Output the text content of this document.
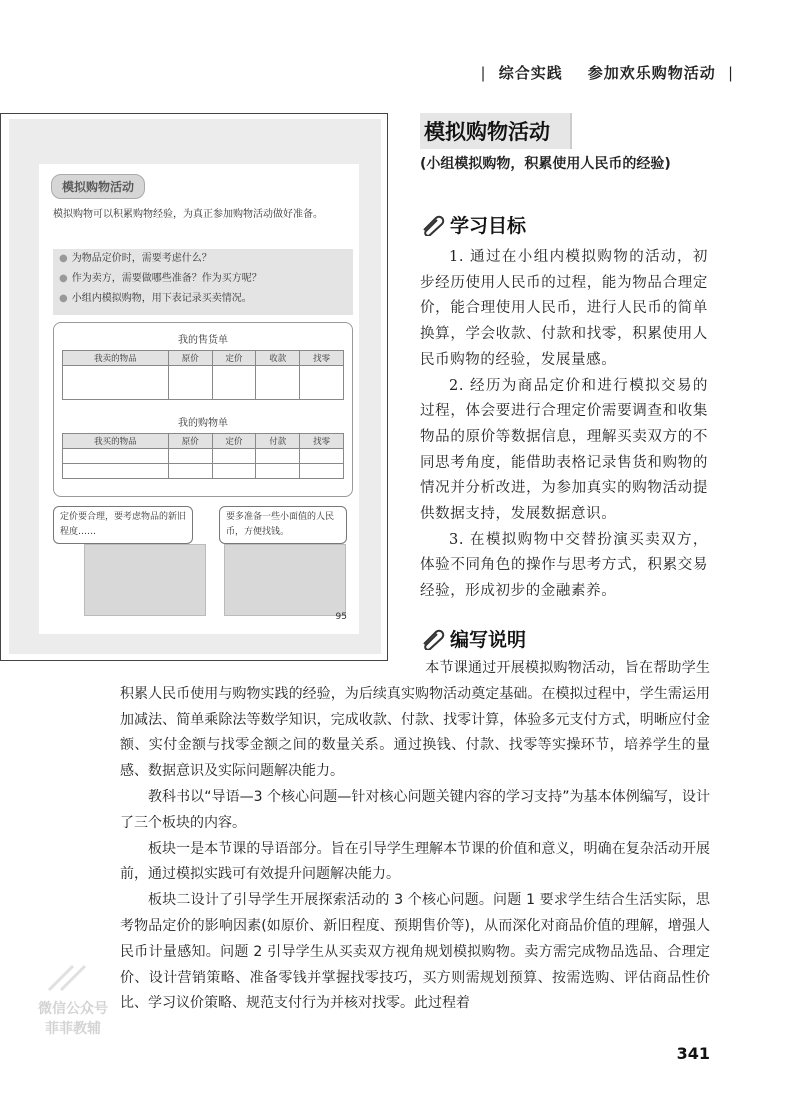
| 综合实践 参加欢乐购物活动 |
模拟购物活动
模拟购物可以积累购物经验，为真正参加购物活动做好准备。
● 为物品定价时，需要考虑什么？
● 作为卖方，需要做哪些准备？作为买方呢？
● 小组内模拟购物，用下表记录买卖情况。
我的售货单
我卖的物品	原价	定价	收款	找零

我的购物单
我买的物品	原价	定价	付款	找零

定价要合理，要考虑物品的新旧程度……
要多准备一些小面值的人民币，方便找钱。
95
模拟购物活动
(小组模拟购物，积累使用人民币的经验)
学习目标

1. 通过在小组内模拟购物的活动，初步经历使用人民币的过程，能为物品合理定价，能合理使用人民币，进行人民币的简单换算，学会收款、付款和找零，积累使用人民币购物的经验，发展量感。

2. 经历为商品定价和进行模拟交易的过程，体会要进行合理定价需要调查和收集物品的原价等数据信息，理解买卖双方的不同思考角度，能借助表格记录售货和购物的情况并分析改进，为参加真实的购物活动提供数据支持，发展数据意识。

3. 在模拟购物中交替扮演买卖双方，体验不同角色的操作与思考方式，积累交易经验，形成初步的金融素养。

编写说明

本节课通过开展模拟购物活动，旨在帮助学生积累人民币使用与购物实践的经验，为后续真实购物活动奠定基础。在模拟过程中，学生需运用加减法、简单乘除法等数学知识，完成收款、付款、找零计算，体验多元支付方式，明晰应付金额、实付金额与找零金额之间的数量关系。通过换钱、付款、找零等实操环节，培养学生的量感、数据意识及实际问题解决能力。

教科书以“导语—3 个核心问题—针对核心问题关键内容的学习支持”为基本体例编写，设计了三个板块的内容。

板块一是本节课的导语部分。旨在引导学生理解本节课的价值和意义，明确在复杂活动开展前，通过模拟实践可有效提升问题解决能力。

板块二设计了引导学生开展探索活动的 3 个核心问题。问题 1 要求学生结合生活实际，思考物品定价的影响因素(如原价、新旧程度、预期售价等)，从而深化对商品价值的理解，增强人民币计量感知。问题 2 引导学生从买卖双方视角规划模拟购物。卖方需完成物品选品、合理定价、设计营销策略、准备零钱并掌握找零技巧，买方则需规划预算、按需选购、评估商品性价比、学习议价策略、规范支付行为并核对找零。此过程着

微信公众号
菲菲教辅
341
